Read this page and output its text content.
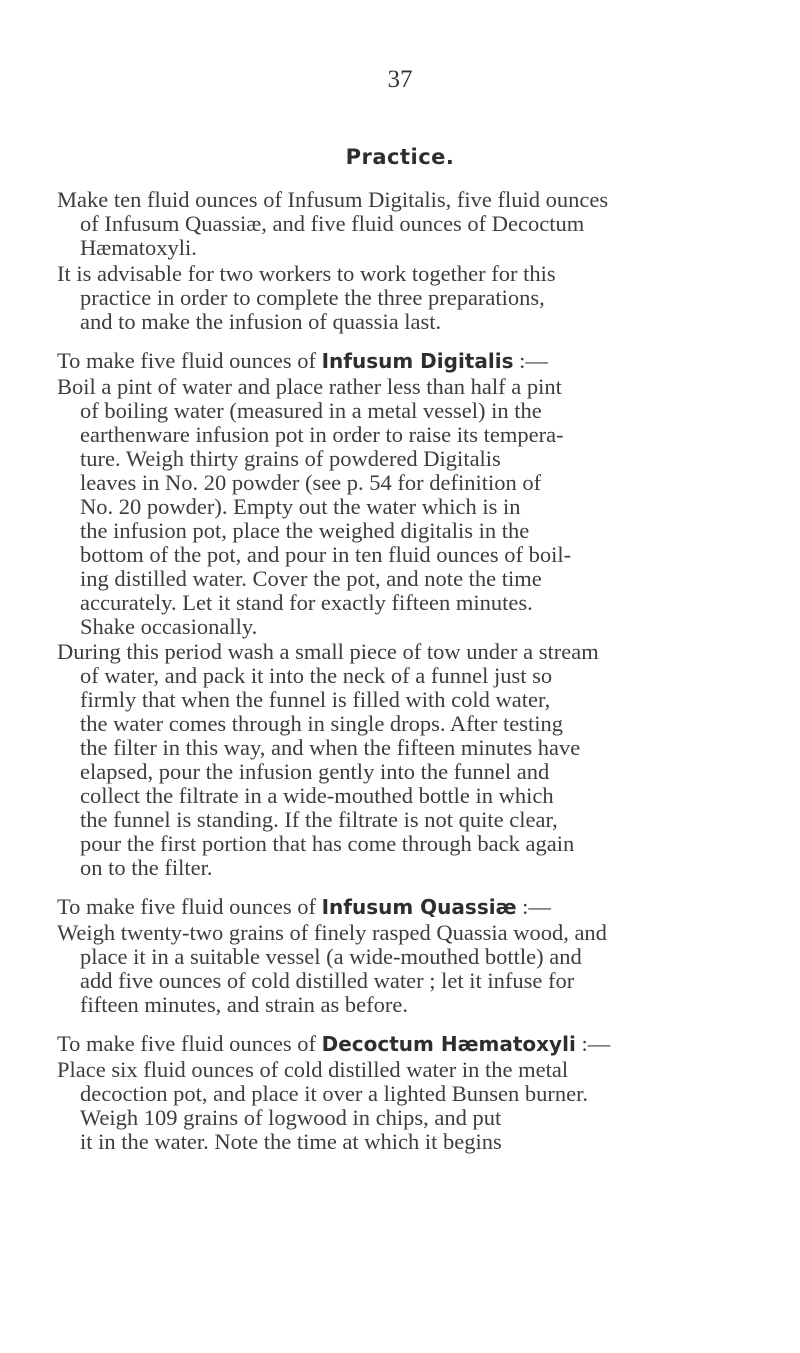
37
Practice.
Make ten fluid ounces of Infusum Digitalis, five fluid ounces
of Infusum Quassiæ, and five fluid ounces of Decoctum
Hæmatoxyli.
It is advisable for two workers to work together for this
practice in order to complete the three preparations,
and to make the infusion of quassia last.
To make five fluid ounces of Infusum Digitalis :—
Boil a pint of water and place rather less than half a pint
of boiling water (measured in a metal vessel) in the
earthenware infusion pot in order to raise its tempera-
ture. Weigh thirty grains of powdered Digitalis
leaves in No. 20 powder (see p. 54 for definition of
No. 20 powder). Empty out the water which is in
the infusion pot, place the weighed digitalis in the
bottom of the pot, and pour in ten fluid ounces of boil-
ing distilled water. Cover the pot, and note the time
accurately. Let it stand for exactly fifteen minutes.
Shake occasionally.
During this period wash a small piece of tow under a stream
of water, and pack it into the neck of a funnel just so
firmly that when the funnel is filled with cold water,
the water comes through in single drops. After testing
the filter in this way, and when the fifteen minutes have
elapsed, pour the infusion gently into the funnel and
collect the filtrate in a wide-mouthed bottle in which
the funnel is standing. If the filtrate is not quite clear,
pour the first portion that has come through back again
on to the filter.
To make five fluid ounces of Infusum Quassiæ :—
Weigh twenty-two grains of finely rasped Quassia wood, and
place it in a suitable vessel (a wide-mouthed bottle) and
add five ounces of cold distilled water ; let it infuse for
fifteen minutes, and strain as before.
To make five fluid ounces of Decoctum Hæmatoxyli :—
Place six fluid ounces of cold distilled water in the metal
decoction pot, and place it over a lighted Bunsen burner.
Weigh 109 grains of logwood in chips, and put
it in the water. Note the time at which it begins
